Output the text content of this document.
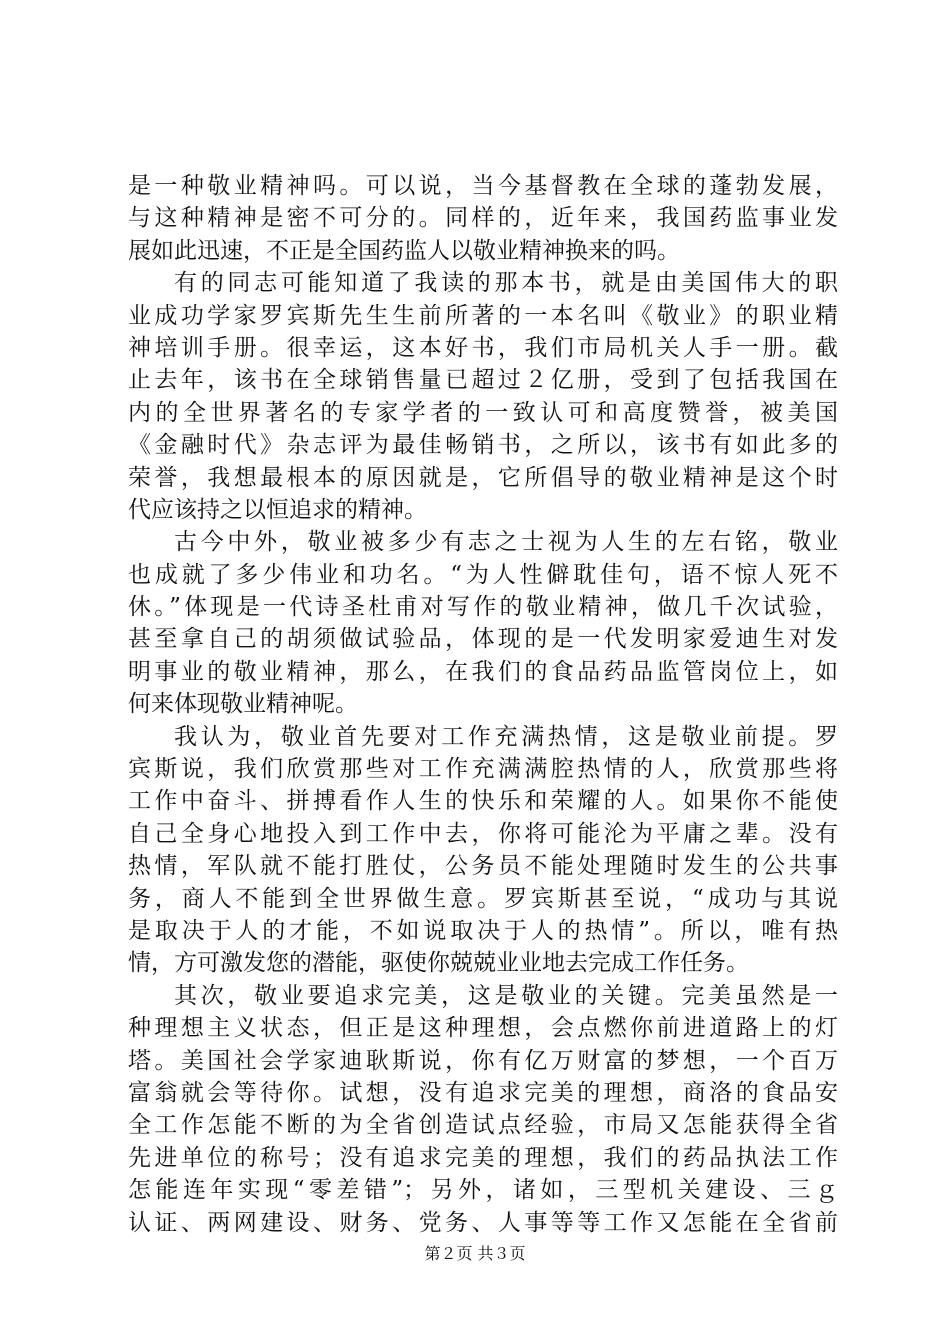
是一种敬业精神吗。可以说，当今基督教在全球的蓬勃发展，
与这种精神是密不可分的。同样的，近年来，我国药监事业发
展如此迅速，不正是全国药监人以敬业精神换来的吗。
有的同志可能知道了我读的那本书，就是由美国伟大的职
业成功学家罗宾斯先生生前所著的一本名叫《敬业》的职业精
神培训手册。很幸运，这本好书，我们市局机关人手一册。截
止去年，该书在全球销售量已超过２亿册，受到了包括我国在
内的全世界著名的专家学者的一致认可和高度赞誉，被美国
《金融时代》杂志评为最佳畅销书，之所以，该书有如此多的
荣誉，我想最根本的原因就是，它所倡导的敬业精神是这个时
代应该持之以恒追求的精神。
古今中外，敬业被多少有志之士视为人生的左右铭，敬业
也成就了多少伟业和功名。“为人性僻耽佳句，语不惊人死不
休。”体现是一代诗圣杜甫对写作的敬业精神，做几千次试验，
甚至拿自己的胡须做试验品，体现的是一代发明家爱迪生对发
明事业的敬业精神，那么，在我们的食品药品监管岗位上，如
何来体现敬业精神呢。
我认为，敬业首先要对工作充满热情，这是敬业前提。罗
宾斯说，我们欣赏那些对工作充满满腔热情的人，欣赏那些将
工作中奋斗、拼搏看作人生的快乐和荣耀的人。如果你不能使
自己全身心地投入到工作中去，你将可能沦为平庸之辈。没有
热情，军队就不能打胜仗，公务员不能处理随时发生的公共事
务，商人不能到全世界做生意。罗宾斯甚至说，“成功与其说
是取决于人的才能，不如说取决于人的热情”。所以，唯有热
情，方可激发您的潜能，驱使你兢兢业业地去完成工作任务。
其次，敬业要追求完美，这是敬业的关键。完美虽然是一
种理想主义状态，但正是这种理想，会点燃你前进道路上的灯
塔。美国社会学家迪耿斯说，你有亿万财富的梦想，一个百万
富翁就会等待你。试想，没有追求完美的理想，商洛的食品安
全工作怎能不断的为全省创造试点经验，市局又怎能获得全省
先进单位的称号；没有追求完美的理想，我们的药品执法工作
怎能连年实现“零差错”；另外，诸如，三型机关建设、三ｇ
认证、两网建设、财务、党务、人事等等工作又怎能在全省前
第２页 共３页
